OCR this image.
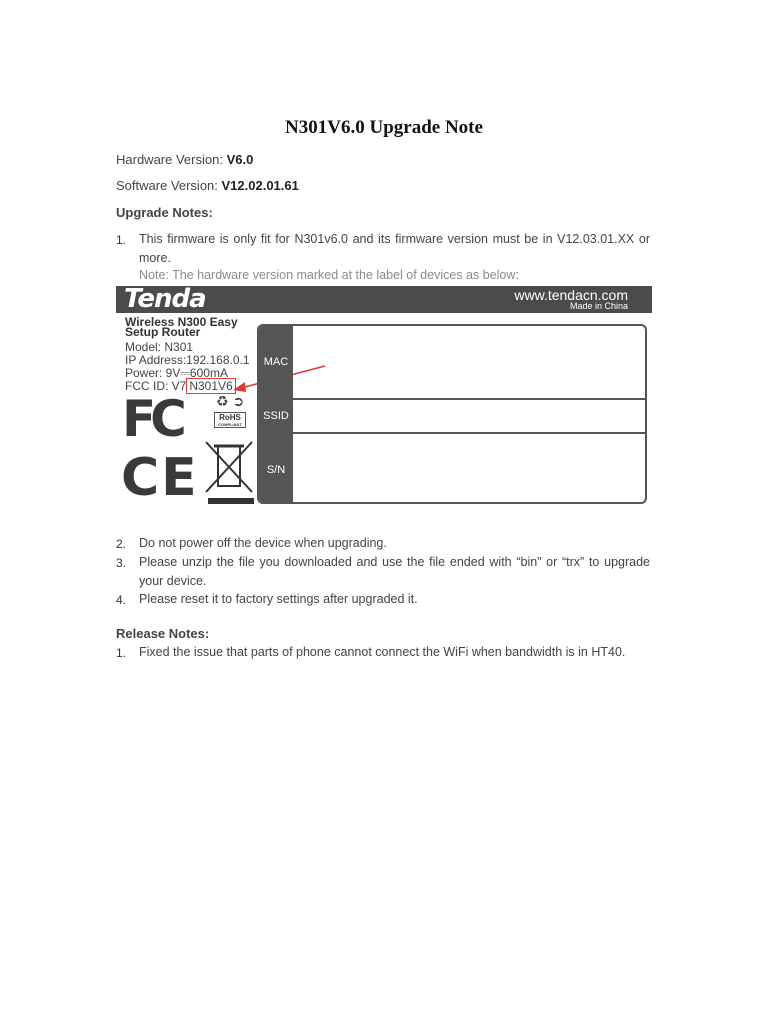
N301V6.0 Upgrade Note
Hardware Version: V6.0
Software Version: V12.02.01.61
Upgrade Notes:
1. This firmware is only fit for N301v6.0 and its firmware version must be in V12.03.01.XX or more.
Note: The hardware version marked at the label of devices as below:
Tenda	www.tendacn.com
Made in China
Wireless N300 Easy
Setup Router
Model: N301
IP Address:192.168.0.1
Power: 9V⎓600mA
FCC ID: V7 N301V6
♻ ➲
RoHS
COMPLIANT
FC
CE
MAC
SSID
S/N
2. Do not power off the device when upgrading.
3. Please unzip the file you downloaded and use the file ended with “bin” or “trx” to upgrade your device.
4. Please reset it to factory settings after upgraded it.
Release Notes:
1. Fixed the issue that parts of phone cannot connect the WiFi when bandwidth is in HT40.
